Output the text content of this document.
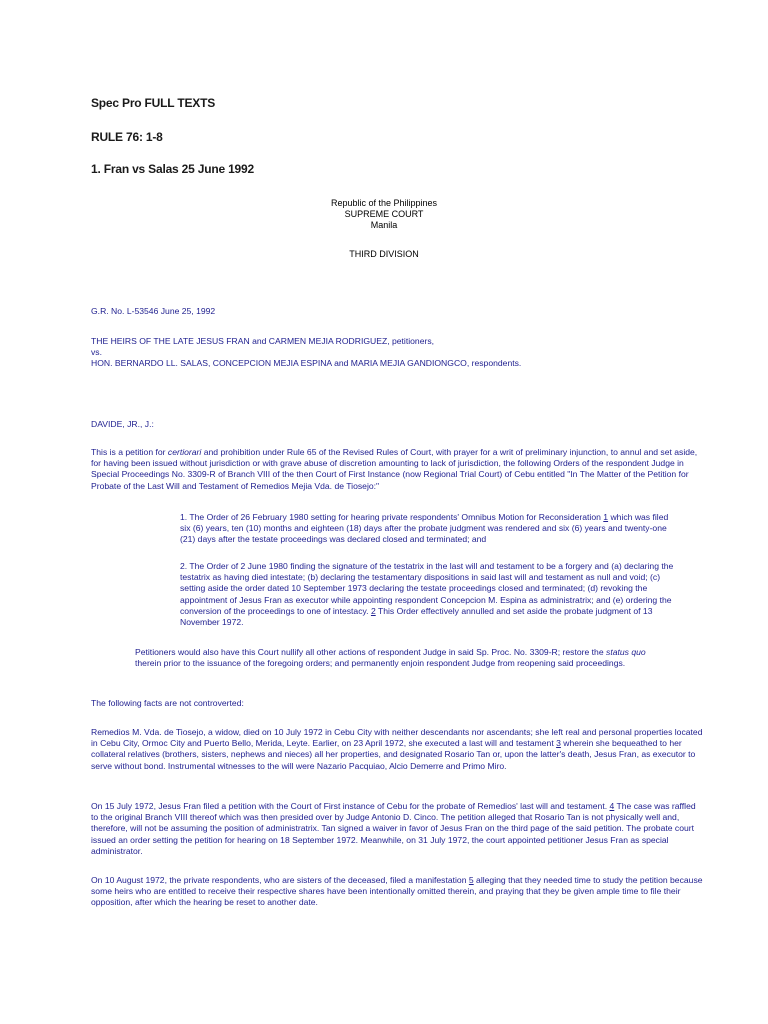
Spec Pro FULL TEXTS
RULE 76: 1-8
1. Fran vs Salas 25 June 1992
Republic of the Philippines
SUPREME COURT
Manila
THIRD DIVISION
G.R. No. L-53546 June 25, 1992
THE HEIRS OF THE LATE JESUS FRAN and CARMEN MEJIA RODRIGUEZ, petitioners,
vs.
HON. BERNARDO LL. SALAS, CONCEPCION MEJIA ESPINA and MARIA MEJIA GANDIONGCO, respondents.
DAVIDE, JR., J.:
This is a petition for certiorari and prohibition under Rule 65 of the Revised Rules of Court, with prayer for a writ of preliminary injunction, to annul and set aside, for having been issued without jurisdiction or with grave abuse of discretion amounting to lack of jurisdiction, the following Orders of the respondent Judge in Special Proceedings No. 3309-R of Branch VIII of the then Court of First Instance (now Regional Trial Court) of Cebu entitled "In The Matter of the Petition for Probate of the Last Will and Testament of Remedios Mejia Vda. de Tiosejo:"
1. The Order of 26 February 1980 setting for hearing private respondents' Omnibus Motion for Reconsideration 1 which was filed six (6) years, ten (10) months and eighteen (18) days after the probate judgment was rendered and six (6) years and twenty-one (21) days after the testate proceedings was declared closed and terminated; and
2. The Order of 2 June 1980 finding the signature of the testatrix in the last will and testament to be a forgery and (a) declaring the testatrix as having died intestate; (b) declaring the testamentary dispositions in said last will and testament as null and void; (c) setting aside the order dated 10 September 1973 declaring the testate proceedings closed and terminated; (d) revoking the appointment of Jesus Fran as executor while appointing respondent Concepcion M. Espina as administratrix; and (e) ordering the conversion of the proceedings to one of intestacy. 2 This Order effectively annulled and set aside the probate judgment of 13 November 1972.
Petitioners would also have this Court nullify all other actions of respondent Judge in said Sp. Proc. No. 3309-R; restore the status quo therein prior to the issuance of the foregoing orders; and permanently enjoin respondent Judge from reopening said proceedings.
The following facts are not controverted:
Remedios M. Vda. de Tiosejo, a widow, died on 10 July 1972 in Cebu City with neither descendants nor ascendants; she left real and personal properties located in Cebu City, Ormoc City and Puerto Bello, Merida, Leyte. Earlier, on 23 April 1972, she executed a last will and testament 3 wherein she bequeathed to her collateral relatives (brothers, sisters, nephews and nieces) all her properties, and designated Rosario Tan or, upon the latter's death, Jesus Fran, as executor to serve without bond. Instrumental witnesses to the will were Nazario Pacquiao, Alcio Demerre and Primo Miro.
On 15 July 1972, Jesus Fran filed a petition with the Court of First instance of Cebu for the probate of Remedios' last will and testament. 4 The case was raffled to the original Branch VIII thereof which was then presided over by Judge Antonio D. Cinco. The petition alleged that Rosario Tan is not physically well and, therefore, will not be assuming the position of administratrix. Tan signed a waiver in favor of Jesus Fran on the third page of the said petition. The probate court issued an order setting the petition for hearing on 18 September 1972. Meanwhile, on 31 July 1972, the court appointed petitioner Jesus Fran as special administrator.
On 10 August 1972, the private respondents, who are sisters of the deceased, filed a manifestation 5 alleging that they needed time to study the petition because some heirs who are entitled to receive their respective shares have been intentionally omitted therein, and praying that they be given ample time to file their opposition, after which the hearing be reset to another date.
